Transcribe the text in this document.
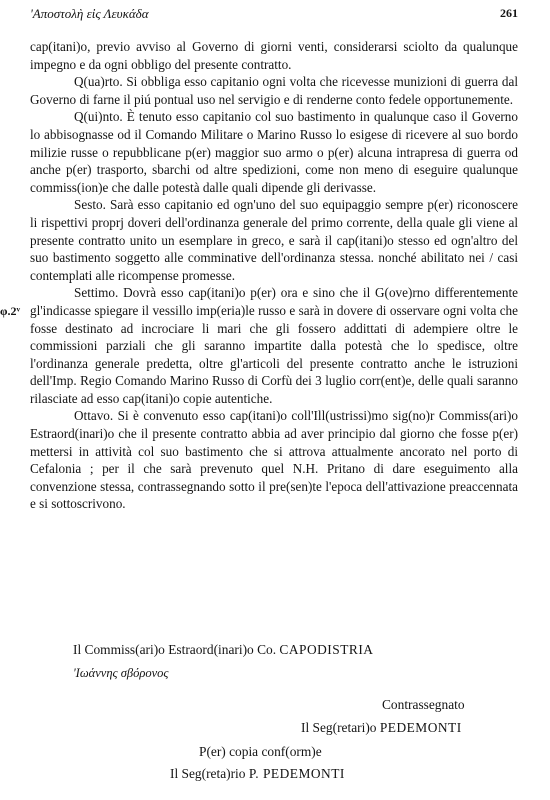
'Αποστολὴ εἰς Λευκάδα	261
φ.2ᵛ

cap(itani)o, previo avviso al Governo di giorni venti, considerarsi sciolto da qualunque impegno e da ogni obbligo del presente contratto.

Q(ua)rto. Si obbliga esso capitanio ogni volta che ricevesse munizioni di guerra dal Governo di farne il piú pontual uso nel servigio e di renderne conto fedele opportunemente.

Q(ui)nto. È tenuto esso capitanio col suo bastimento in qualunque caso il Governo lo abbisognasse od il Comando Militare o Marino Russo lo esigese di ricevere al suo bordo milizie russe o repubblicane p(er) maggior suo armo o p(er) alcuna intrapresa di guerra od anche p(er) trasporto, sbarchi od altre spedizioni, come non meno di eseguire qualunque commiss(ion)e che dalle potestà dalle quali dipende gli derivasse.

Sesto. Sarà esso capitanio ed ogn'uno del suo equipaggio sempre p(er) riconoscere li rispettivi proprj doveri dell'ordinanza generale del primo corrente, della quale gli viene al presente contratto unito un esemplare in greco, e sarà il cap(itani)o stesso ed ogn'altro del suo bastimento soggetto alle comminative dell'ordinanza stessa. nonché abilitato nei / casi contemplati alle ricompense promesse.

Settimo. Dovrà esso cap(itani)o p(er) ora e sino che il G(ove)rno differentemente gl'indicasse spiegare il vessillo imp(eria)le russo e sarà in dovere di osservare ogni volta che fosse destinato ad incrociare li mari che gli fossero addittati di adempiere oltre le commissioni parziali che gli saranno impartite dalla potestà che lo spedisce, oltre l'ordinanza generale predetta, oltre gl'articoli del presente contratto anche le istruzioni dell'Imp. Regio Comando Marino Russo di Corfù dei 3 luglio corr(ent)e, delle quali saranno rilasciate ad esso cap(itani)o copie autentiche.

Ottavo. Si è convenuto esso cap(itani)o coll'Ill(ustrissi)mo sig(no)r Commiss(ari)o Estraord(inari)o che il presente contratto abbia ad aver principio dal giorno che fosse p(er) mettersi in attività col suo bastimento che si attrova attualmente ancorato nel porto di Cefalonia ; per il che sarà prevenuto quel N.H. Pritano di dare eseguimento alla convenzione stessa, contrassegnando sotto il pre(sen)te l'epoca dell'attivazione preaccennata e si sottoscrivono.

Il Commiss(ari)o Estraord(inari)o Co. CAPODISTRIA
'Ιωάννης σβόρονος
Contrassegnato
Il Seg(retari)o PEDEMONTI
P(er) copia conf(orm)e
Il Seg(reta)rio P. PEDEMONTI
